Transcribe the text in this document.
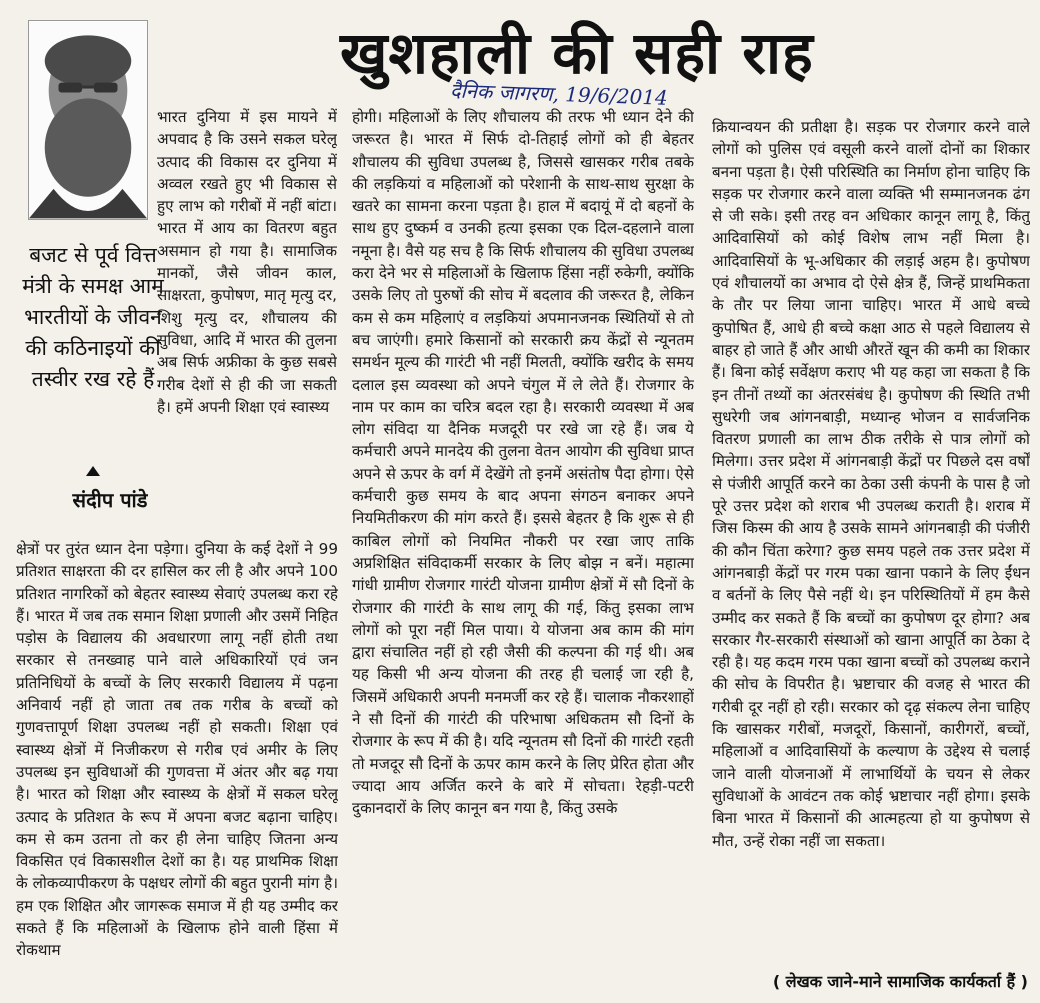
खुशहाली की सही राह
दैनिक जागरण, 19/6/2014
बजट से पूर्व वित्त मंत्री के समक्ष आम भारतीयों के जीवन की कठिनाइयों की तस्वीर रख रहे हैं
संदीप पांडे
भारत दुनिया में इस मायने में अपवाद है कि उसने सकल घरेलू उत्पाद की विकास दर दुनिया में अव्वल रखते हुए भी विकास से हुए लाभ को गरीबों में नहीं बांटा। भारत में आय का वितरण बहुत असमान हो गया है। सामाजिक मानकों, जैसे जीवन काल, साक्षरता, कुपोषण, मातृ मृत्यु दर, शिशु मृत्यु दर, शौचालय की सुविधा, आदि में भारत की तुलना अब सिर्फ अफ्रीका के कुछ सबसे गरीब देशों से ही की जा सकती है। हमें अपनी शिक्षा एवं स्वास्थ्य
क्षेत्रों पर तुरंत ध्यान देना पड़ेगा। दुनिया के कई देशों ने 99 प्रतिशत साक्षरता की दर हासिल कर ली है और अपने 100 प्रतिशत नागरिकों को बेहतर स्वास्थ्य सेवाएं उपलब्ध करा रहे हैं। भारत में जब तक समान शिक्षा प्रणाली और उसमें निहित पड़ोस के विद्यालय की अवधारणा लागू नहीं होती तथा सरकार से तनख्वाह पाने वाले अधिकारियों एवं जन प्रतिनिधियों के बच्चों के लिए सरकारी विद्यालय में पढ़ना अनिवार्य नहीं हो जाता तब तक गरीब के बच्चों को गुणवत्तापूर्ण शिक्षा उपलब्ध नहीं हो सकती। शिक्षा एवं स्वास्थ्य क्षेत्रों में निजीकरण से गरीब एवं अमीर के लिए उपलब्ध इन सुविधाओं की गुणवत्ता में अंतर और बढ़ गया है। भारत को शिक्षा और स्वास्थ्य के क्षेत्रों में सकल घरेलू उत्पाद के प्रतिशत के रूप में अपना बजट बढ़ाना चाहिए। कम से कम उतना तो कर ही लेना चाहिए जितना अन्य विकसित एवं विकासशील देशों का है। यह प्राथमिक शिक्षा के लोकव्यापीकरण के पक्षधर लोगों की बहुत पुरानी मांग है। हम एक शिक्षित और जागरूक समाज में ही यह उम्मीद कर सकते हैं कि महिलाओं के खिलाफ होने वाली हिंसा में रोकथाम
होगी। महिलाओं के लिए शौचालय की तरफ भी ध्यान देने की जरूरत है। भारत में सिर्फ दो-तिहाई लोगों को ही बेहतर शौचालय की सुविधा उपलब्ध है, जिससे खासकर गरीब तबके की लड़कियां व महिलाओं को परेशानी के साथ-साथ सुरक्षा के खतरे का सामना करना पड़ता है। हाल में बदायूं में दो बहनों के साथ हुए दुष्कर्म व उनकी हत्या इसका एक दिल-दहलाने वाला नमूना है। वैसे यह सच है कि सिर्फ शौचालय की सुविधा उपलब्ध करा देने भर से महिलाओं के खिलाफ हिंसा नहीं रुकेगी, क्योंकि उसके लिए तो पुरुषों की सोच में बदलाव की जरूरत है, लेकिन कम से कम महिलाएं व लड़कियां अपमानजनक स्थितियों से तो बच जाएंगी। हमारे किसानों को सरकारी क्रय केंद्रों से न्यूनतम समर्थन मूल्य की गारंटी भी नहीं मिलती, क्योंकि खरीद के समय दलाल इस व्यवस्था को अपने चंगुल में ले लेते हैं। रोजगार के नाम पर काम का चरित्र बदल रहा है। सरकारी व्यवस्था में अब लोग संविदा या दैनिक मजदूरी पर रखे जा रहे हैं। जब ये कर्मचारी अपने मानदेय की तुलना वेतन आयोग की सुविधा प्राप्त अपने से ऊपर के वर्ग में देखेंगे तो इनमें असंतोष पैदा होगा। ऐसे कर्मचारी कुछ समय के बाद अपना संगठन बनाकर अपने नियमितीकरण की मांग करते हैं। इससे बेहतर है कि शुरू से ही काबिल लोगों को नियमित नौकरी पर रखा जाए ताकि अप्रशिक्षित संविदाकर्मी सरकार के लिए बोझ न बनें। महात्मा गांधी ग्रामीण रोजगार गारंटी योजना ग्रामीण क्षेत्रों में सौ दिनों के रोजगार की गारंटी के साथ लागू की गई, किंतु इसका लाभ लोगों को पूरा नहीं मिल पाया। ये योजना अब काम की मांग द्वारा संचालित नहीं हो रही जैसी की कल्पना की गई थी। अब यह किसी भी अन्य योजना की तरह ही चलाई जा रही है, जिसमें अधिकारी अपनी मनमर्जी कर रहे हैं। चालाक नौकरशाहों ने सौ दिनों की गारंटी की परिभाषा अधिकतम सौ दिनों के रोजगार के रूप में की है। यदि न्यूनतम सौ दिनों की गारंटी रहती तो मजदूर सौ दिनों के ऊपर काम करने के लिए प्रेरित होता और ज्यादा आय अर्जित करने के बारे में सोचता। रेहड़ी-पटरी दुकानदारों के लिए कानून बन गया है, किंतु उसके
क्रियान्वयन की प्रतीक्षा है। सड़क पर रोजगार करने वाले लोगों को पुलिस एवं वसूली करने वालों दोनों का शिकार बनना पड़ता है। ऐसी परिस्थिति का निर्माण होना चाहिए कि सड़क पर रोजगार करने वाला व्यक्ति भी सम्मानजनक ढंग से जी सके। इसी तरह वन अधिकार कानून लागू है, किंतु आदिवासियों को कोई विशेष लाभ नहीं मिला है। आदिवासियों के भू-अधिकार की लड़ाई अहम है। कुपोषण एवं शौचालयों का अभाव दो ऐसे क्षेत्र हैं, जिन्हें प्राथमिकता के तौर पर लिया जाना चाहिए। भारत में आधे बच्चे कुपोषित हैं, आधे ही बच्चे कक्षा आठ से पहले विद्यालय से बाहर हो जाते हैं और आधी औरतें खून की कमी का शिकार हैं। बिना कोई सर्वेक्षण कराए भी यह कहा जा सकता है कि इन तीनों तथ्यों का अंतरसंबंध है। कुपोषण की स्थिति तभी सुधरेगी जब आंगनबाड़ी, मध्यान्ह भोजन व सार्वजनिक वितरण प्रणाली का लाभ ठीक तरीके से पात्र लोगों को मिलेगा। उत्तर प्रदेश में आंगनबाड़ी केंद्रों पर पिछले दस वर्षों से पंजीरी आपूर्ति करने का ठेका उसी कंपनी के पास है जो पूरे उत्तर प्रदेश को शराब भी उपलब्ध कराती है। शराब में जिस किस्म की आय है उसके सामने आंगनबाड़ी की पंजीरी की कौन चिंता करेगा? कुछ समय पहले तक उत्तर प्रदेश में आंगनबाड़ी केंद्रों पर गरम पका खाना पकाने के लिए ईंधन व बर्तनों के लिए पैसे नहीं थे। इन परिस्थितियों में हम कैसे उम्मीद कर सकते हैं कि बच्चों का कुपोषण दूर होगा? अब सरकार गैर-सरकारी संस्थाओं को खाना आपूर्ति का ठेका दे रही है। यह कदम गरम पका खाना बच्चों को उपलब्ध कराने की सोच के विपरीत है। भ्रष्टाचार की वजह से भारत की गरीबी दूर नहीं हो रही। सरकार को दृढ़ संकल्प लेना चाहिए कि खासकर गरीबों, मजदूरों, किसानों, कारीगरों, बच्चों, महिलाओं व आदिवासियों के कल्याण के उद्देश्य से चलाई जाने वाली योजनाओं में लाभार्थियों के चयन से लेकर सुविधाओं के आवंटन तक कोई भ्रष्टाचार नहीं होगा। इसके बिना भारत में किसानों की आत्महत्या हो या कुपोषण से मौत, उन्हें रोका नहीं जा सकता।
( लेखक जाने-माने सामाजिक कार्यकर्ता हैं )
